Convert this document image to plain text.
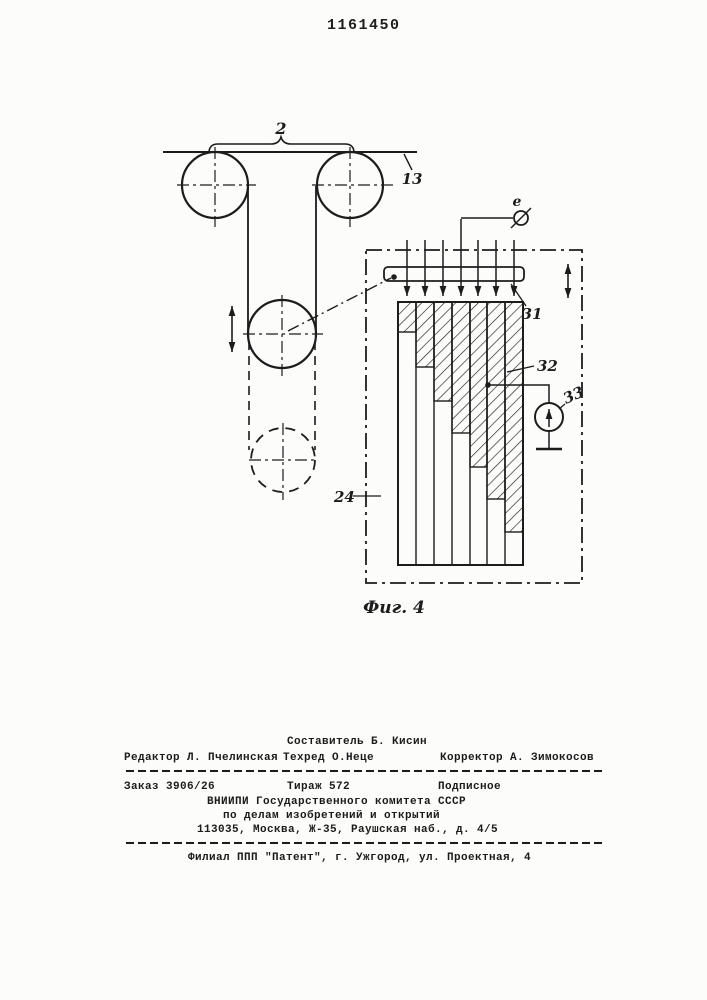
1161450
2
13
e
31
32
33
24
Фиг. 4
Составитель Б. Кисин
Редактор Л. Пчелинская Техред О.Неце	Корректор А. Зимокосов
Заказ 3906/26	Тираж 572	Подписное
ВНИИПИ Государственного комитета СССР
по делам изобретений и открытий
113035, Москва, Ж-35, Раушская наб., д. 4/5
Филиал ППП "Патент", г. Ужгород, ул. Проектная, 4
